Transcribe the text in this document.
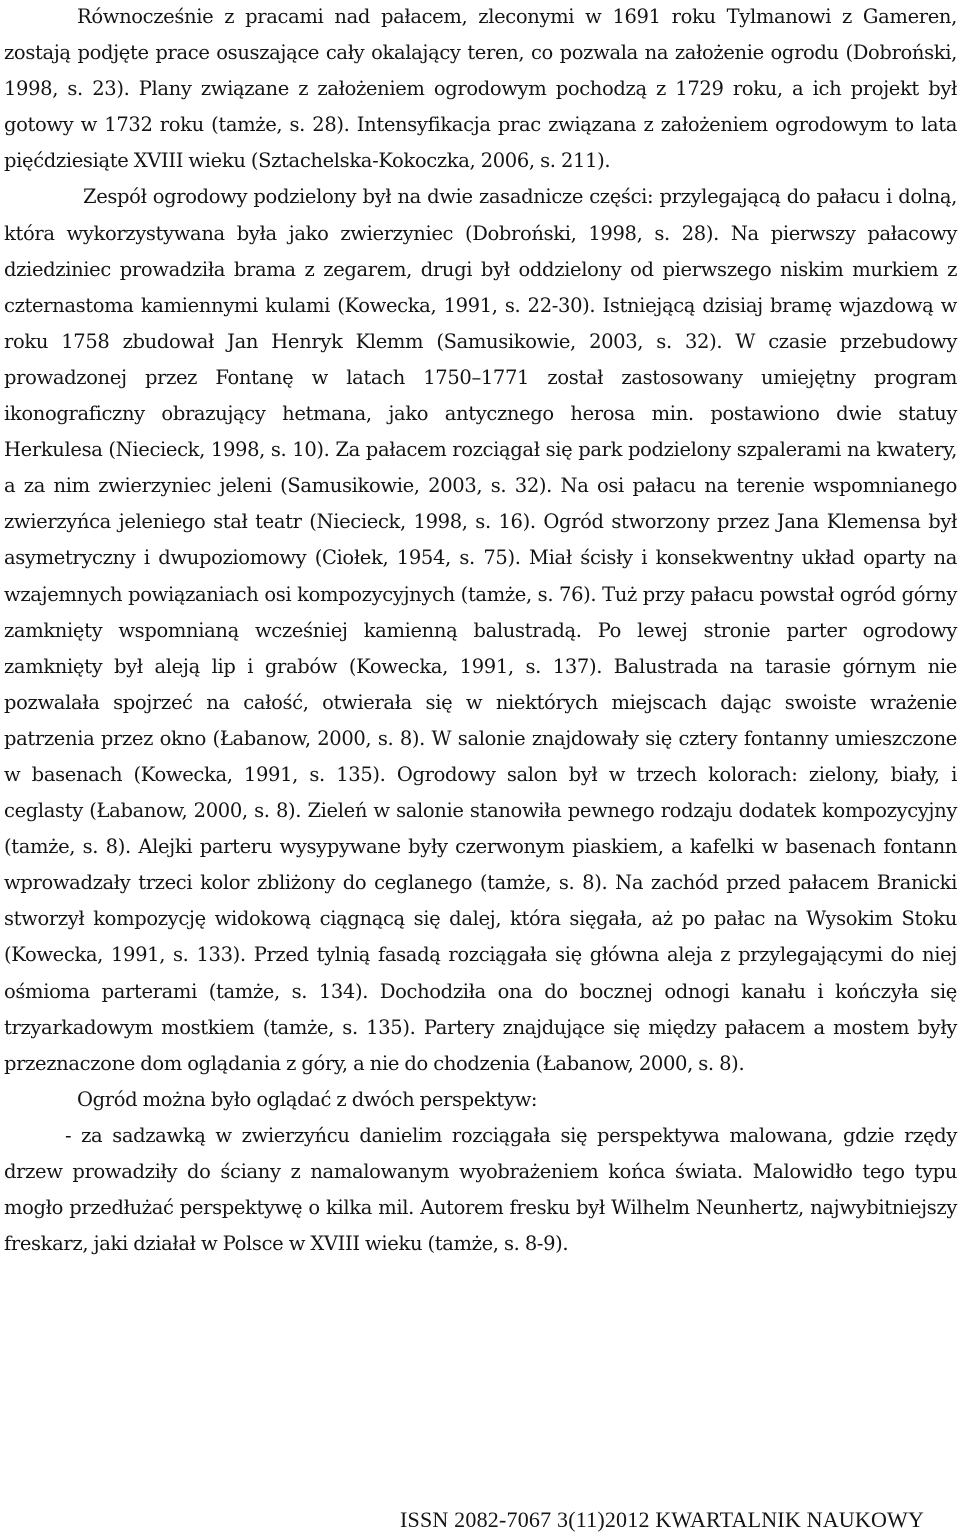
Równocześnie z pracami nad pałacem, zleconymi w 1691 roku Tylmanowi z Gameren, zostają podjęte prace osuszające cały okalający teren, co pozwala na założenie ogrodu (Dobroński, 1998, s. 23). Plany związane z założeniem ogrodowym pochodzą z 1729 roku, a ich projekt był gotowy w 1732 roku (tamże, s. 28). Intensyfikacja prac związana z założeniem ogrodowym to lata pięćdziesiąte XVIII wieku (Sztachelska-Kokoczka, 2006, s. 211).

Zespół ogrodowy podzielony był na dwie zasadnicze części: przylegającą do pałacu i dolną, która wykorzystywana była jako zwierzyniec (Dobroński, 1998, s. 28). Na pierwszy pałacowy dziedziniec prowadziła brama z zegarem, drugi był oddzielony od pierwszego niskim murkiem z czternastoma kamiennymi kulami (Kowecka, 1991, s. 22-30). Istniejącą dzisiaj bramę wjazdową w roku 1758 zbudował Jan Henryk Klemm (Samusikowie, 2003, s. 32). W czasie przebudowy prowadzonej przez Fontanę w latach 1750–1771 został zastosowany umiejętny program ikonograficzny obrazujący hetmana, jako antycznego herosa min. postawiono dwie statuy Herkulesa (Niecieck, 1998, s. 10). Za pałacem rozciągał się park podzielony szpalerami na kwatery, a za nim zwierzyniec jeleni (Samusikowie, 2003, s. 32). Na osi pałacu na terenie wspomnianego zwierzyńca jeleniego stał teatr (Niecieck, 1998, s. 16). Ogród stworzony przez Jana Klemensa był asymetryczny i dwupoziomowy (Ciołek, 1954, s. 75). Miał ścisły i konsekwentny układ oparty na wzajemnych powiązaniach osi kompozycyjnych (tamże, s. 76). Tuż przy pałacu powstał ogród górny zamknięty wspomnianą wcześniej kamienną balustradą. Po lewej stronie parter ogrodowy zamknięty był aleją lip i grabów (Kowecka, 1991, s. 137). Balustrada na tarasie górnym nie pozwalała spojrzeć na całość, otwierała się w niektórych miejscach dając swoiste wrażenie patrzenia przez okno (Łabanow, 2000, s. 8). W salonie znajdowały się cztery fontanny umieszczone w basenach (Kowecka, 1991, s. 135). Ogrodowy salon był w trzech kolorach: zielony, biały, i ceglasty (Łabanow, 2000, s. 8). Zieleń w salonie stanowiła pewnego rodzaju dodatek kompozycyjny (tamże, s. 8). Alejki parteru wysypywane były czerwonym piaskiem, a kafelki w basenach fontann wprowadzały trzeci kolor zbliżony do ceglanego (tamże, s. 8). Na zachód przed pałacem Branicki stworzył kompozycję widokową ciągnącą się dalej, która sięgała, aż po pałac na Wysokim Stoku (Kowecka, 1991, s. 133). Przed tylnią fasadą rozciągała się główna aleja z przylegającymi do niej ośmioma parterami (tamże, s. 134). Dochodziła ona do bocznej odnogi kanału i kończyła się trzyarkadowym mostkiem (tamże, s. 135). Partery znajdujące się między pałacem a mostem były przeznaczone dom oglądania z góry, a nie do chodzenia (Łabanow, 2000, s. 8).

Ogród można było oglądać z dwóch perspektyw:

- za sadzawką w zwierzyńcu danielim rozciągała się perspektywa malowana, gdzie rzędy drzew prowadziły do ściany z namalowanym wyobrażeniem końca świata. Malowidło tego typu mogło przedłużać perspektywę o kilka mil. Autorem fresku był Wilhelm Neunhertz, najwybitniejszy freskarz, jaki działał w Polsce w XVIII wieku (tamże, s. 8-9).

ISSN 2082-7067 3(11)2012 KWARTALNIK NAUKOWY
